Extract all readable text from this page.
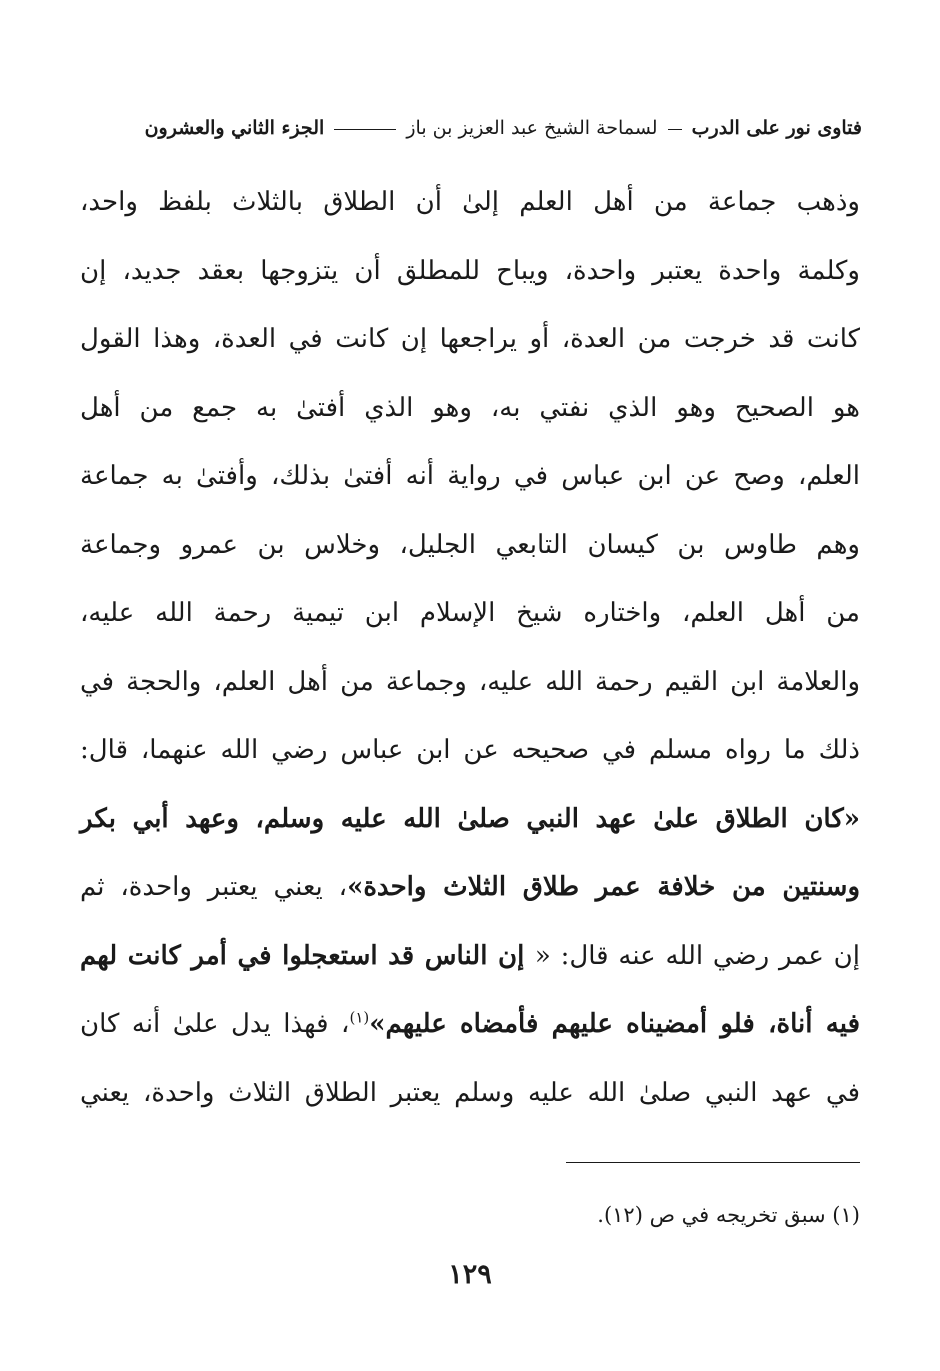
فتاوى نور على الدرب  لسماحة الشيخ عبد العزيز بن باز  الجزء الثاني والعشرون
وذهب جماعة من أهل العلم إلىٰ أن الطلاق بالثلاث بلفظ واحد،
وكلمة واحدة يعتبر واحدة، ويباح للمطلق أن يتزوجها بعقد جديد، إن
كانت قد خرجت من العدة، أو يراجعها إن كانت في العدة، وهذا القول
هو الصحيح وهو الذي نفتي به، وهو الذي أفتىٰ به جمع من أهل
العلم، وصح عن ابن عباس في رواية أنه أفتىٰ بذلك، وأفتىٰ به جماعة
وهم طاوس بن كيسان التابعي الجليل، وخلاس بن عمرو وجماعة
من أهل العلم، واختاره شيخ الإسلام ابن تيمية رحمة الله عليه،
والعلامة ابن القيم رحمة الله عليه، وجماعة من أهل العلم، والحجة في
ذلك ما رواه مسلم في صحيحه عن ابن عباس رضي الله عنهما، قال:
«كان الطلاق علىٰ عهد النبي صلىٰ الله عليه وسلم، وعهد أبي بكر
وسنتين من خلافة عمر طلاق الثلاث واحدة»، يعني يعتبر واحدة، ثم
إن عمر رضي الله عنه قال: « إن الناس قد استعجلوا في أمر كانت لهم
فيه أناة، فلو أمضيناه عليهم فأمضاه عليهم»$^{(١)}$، فهذا يدل علىٰ أنه كان
في عهد النبي صلىٰ الله عليه وسلم يعتبر الطلاق الثلاث واحدة، يعني
(١) سبق تخريجه في ص (١٢).
١٢٩
